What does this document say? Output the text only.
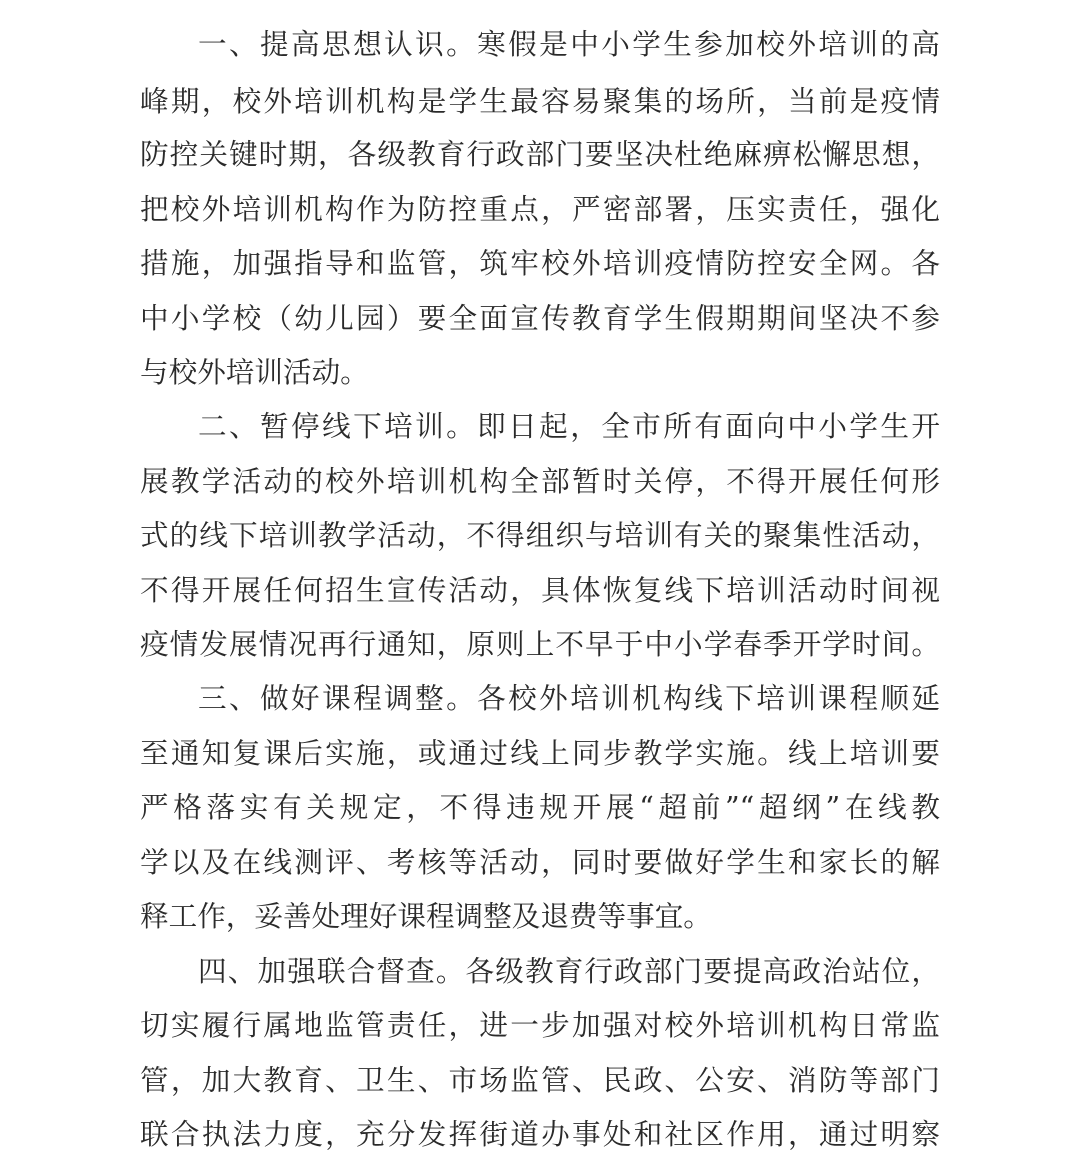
一、提高思想认识。寒假是中小学生参加校外培训的高
峰期，校外培训机构是学生最容易聚集的场所，当前是疫情
防控关键时期，各级教育行政部门要坚决杜绝麻痹松懈思想，
把校外培训机构作为防控重点，严密部署，压实责任，强化
措施，加强指导和监管，筑牢校外培训疫情防控安全网。各
中小学校（幼儿园）要全面宣传教育学生假期期间坚决不参
与校外培训活动。
二、暂停线下培训。即日起，全市所有面向中小学生开
展教学活动的校外培训机构全部暂时关停，不得开展任何形
式的线下培训教学活动，不得组织与培训有关的聚集性活动，
不得开展任何招生宣传活动，具体恢复线下培训活动时间视
疫情发展情况再行通知，原则上不早于中小学春季开学时间。
三、做好课程调整。各校外培训机构线下培训课程顺延
至通知复课后实施，或通过线上同步教学实施。线上培训要
严格落实有关规定，不得违规开展“超前”“超纲”在线教
学以及在线测评、考核等活动，同时要做好学生和家长的解
释工作，妥善处理好课程调整及退费等事宜。
四、加强联合督查。各级教育行政部门要提高政治站位，
切实履行属地监管责任，进一步加强对校外培训机构日常监
管，加大教育、卫生、市场监管、民政、公安、消防等部门
联合执法力度，充分发挥街道办事处和社区作用，通过明察
